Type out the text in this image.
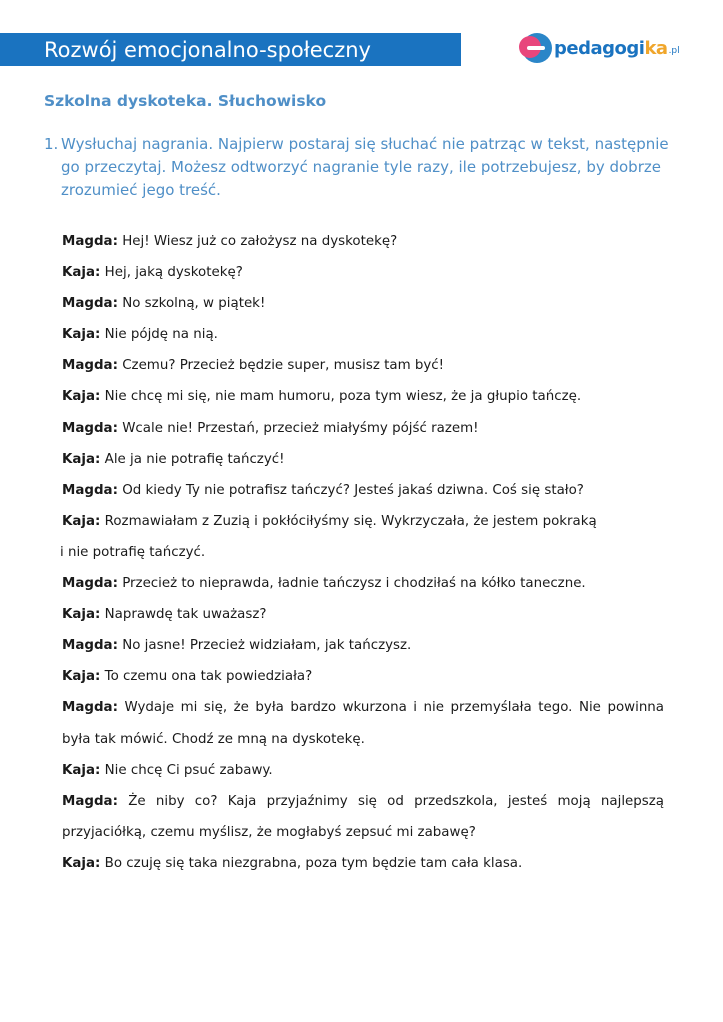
Rozwój emocjonalno-społeczny	pedagogika .pl
Szkolna dyskoteka. Słuchowisko
1. Wysłuchaj nagrania. Najpierw postaraj się słuchać nie patrząc w tekst, następnie go przeczytaj. Możesz odtworzyć nagranie tyle razy, ile potrzebujesz, by dobrze zrozumieć jego treść.
Magda: Hej! Wiesz już co założysz na dyskotekę?
Kaja: Hej, jaką dyskotekę?
Magda: No szkolną, w piątek!
Kaja: Nie pójdę na nią.
Magda: Czemu? Przecież będzie super, musisz tam być!
Kaja: Nie chcę mi się, nie mam humoru, poza tym wiesz, że ja głupio tańczę.
Magda: Wcale nie! Przestań, przecież miałyśmy pójść razem!
Kaja: Ale ja nie potrafię tańczyć!
Magda: Od kiedy Ty nie potrafisz tańczyć? Jesteś jakaś dziwna. Coś się stało?
Kaja: Rozmawiałam z Zuzią i pokłóciłyśmy się. Wykrzyczała, że jestem pokraką
i nie potrafię tańczyć.
Magda: Przecież to nieprawda, ładnie tańczysz i chodziłaś na kółko taneczne.
Kaja: Naprawdę tak uważasz?
Magda: No jasne! Przecież widziałam, jak tańczysz.
Kaja: To czemu ona tak powiedziała?
Magda: Wydaje mi się, że była bardzo wkurzona i nie przemyślała tego. Nie powinna była tak mówić. Chodź ze mną na dyskotekę.
Kaja: Nie chcę Ci psuć zabawy.
Magda: Że niby co? Kaja przyjaźnimy się od przedszkola, jesteś moją najlepszą przyjaciółką, czemu myślisz, że mogłabyś zepsuć mi zabawę?
Kaja: Bo czuję się taka niezgrabna, poza tym będzie tam cała klasa.
